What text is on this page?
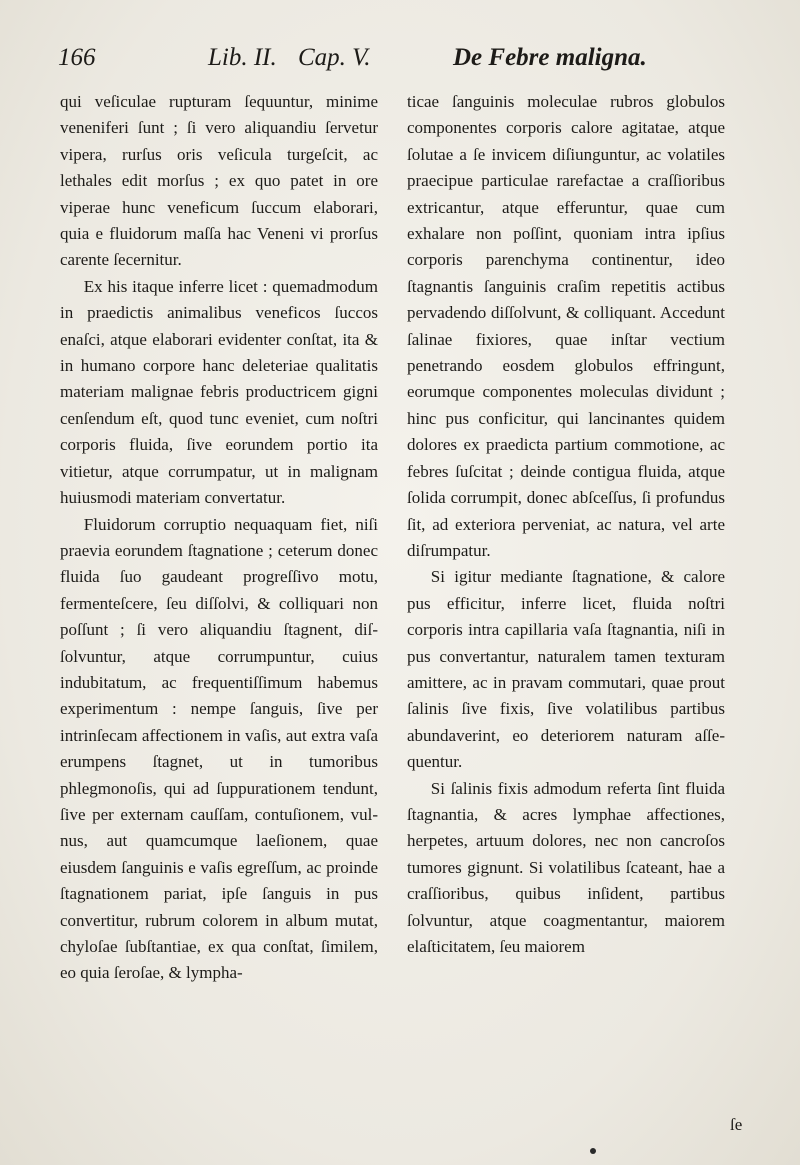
166	Lib. II. Cap. V.	De Febre maligna.

qui veſiculae rupturam ſequuntur, minime veneniferi ſunt ; ſi vero aliquandiu ſervetur vipera, rurſus oris veſicula turgeſcit, ac lethales edit morſus ; ex quo patet in ore viperae hunc veneficum ſuccum elaborari, quia e fluidorum maſſa hac Veneni vi prorſus carente ſecernitur.

Ex his itaque inferre licet : quemadmodum in praedictis animalibus veneficos ſuccos enaſci, atque elaborari evidenter conſtat, ita & in humano corpore hanc deleteriae qualitatis materiam malignae febris productricem gigni cenſendum eſt, quod tunc eveniet, cum noſtri corporis fluida, ſive eorundem portio ita vitietur, atque corrumpatur, ut in malignam huiusmodi materiam convertatur.

Fluidorum corruptio nequaquam fiet, niſi praevia eorundem ſtagnatione ; ceterum donec fluida ſuo gaudeant progreſſivo motu, fermenteſcere, ſeu diſſolvi, & colliquari non poſſunt ; ſi vero aliquandiu ſtagnent, diſſolvuntur, atque corrumpuntur, cuius indubitatum, ac frequentiſſimum habemus experimentum : nempe ſanguis, ſive per intrinſecam affectionem in vaſis, aut extra vaſa erumpens ſtagnet, ut in tumoribus phlegmonoſis, qui ad ſuppurationem tendunt, ſive per externam cauſſam, contuſionem, vulnus, aut quamcumque laeſionem, quae eiusdem ſanguinis e vaſis egreſſum, ac proinde ſtagnationem pariat, ipſe ſanguis in pus convertitur, rubrum colorem in album mutat, chyloſae ſubſtantiae, ex qua conſtat, ſimilem, eo quia ſeroſae, & lympha-

ticae ſanguinis moleculae rubros globulos componentes corporis calore agitatae, atque ſolutae a ſe invicem diſiunguntur, ac volatiles praecipue particulae rarefactae a craſſioribus extricantur, atque efferuntur, quae cum exhalare non poſſint, quoniam intra ipſius corporis parenchyma continentur, ideo ſtagnantis ſanguinis craſim repetitis actibus pervadendo diſſolvunt, & colliquant. Accedunt ſalinae fixiores, quae inſtar vectium penetrando eosdem globulos effringunt, eorumque componentes moleculas dividunt ; hinc pus conficitur, qui lancinantes quidem dolores ex praedicta partium commotione, ac febres ſuſcitat ; deinde contigua fluida, atque ſolida corrumpit, donec abſceſſus, ſi profundus ſit, ad exteriora perveniat, ac natura, vel arte diſrumpatur.

Si igitur mediante ſtagnatione, & calore pus efficitur, inferre licet, fluida noſtri corporis intra capillaria vaſa ſtagnantia, niſi in pus convertantur, naturalem tamen texturam amittere, ac in pravam commutari, quae prout ſalinis ſive fixis, ſive volatilibus partibus abundaverint, eo deteriorem naturam aſſequentur.

Si ſalinis fixis admodum referta ſint fluida ſtagnantia, & acres lymphae affectiones, herpetes, artuum dolores, nec non cancroſos tumores gignunt. Si volatilibus ſcateant, hae a craſſioribus, quibus inſident, partibus ſolvuntur, atque coagmentantur, maiorem elaſticitatem, ſeu maiorem

ſe
